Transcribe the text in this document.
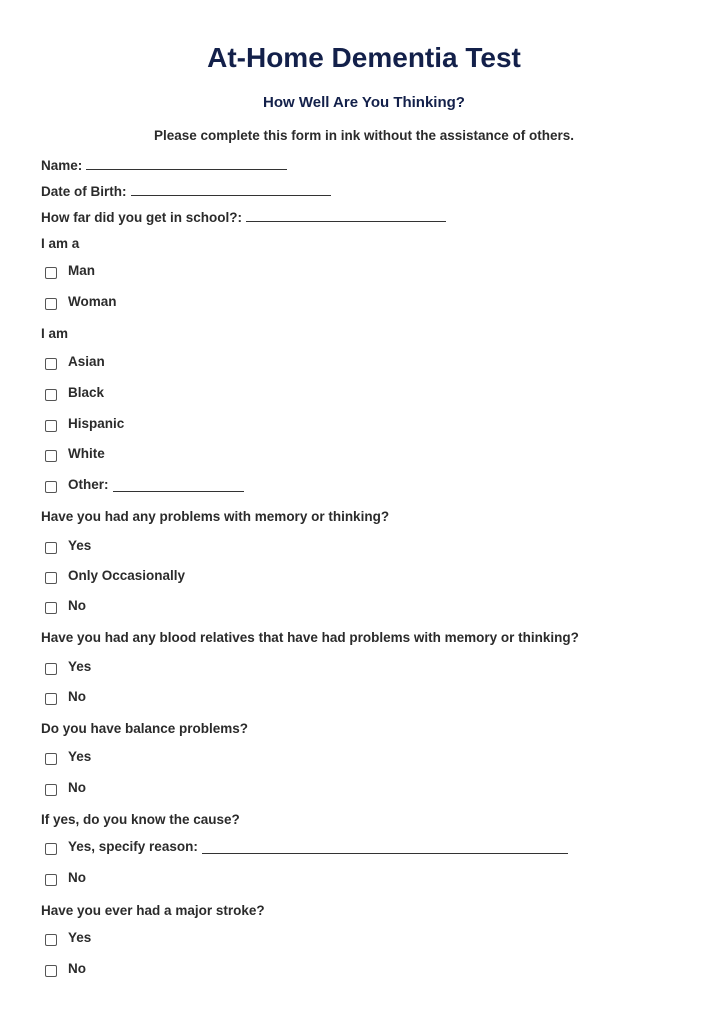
At-Home Dementia Test
How Well Are You Thinking?
Please complete this form in ink without the assistance of others.
Name:
Date of Birth:
How far did you get in school?:
I am a
Man
Woman
I am
Asian
Black
Hispanic
White
Other:
Have you had any problems with memory or thinking?
Yes
Only Occasionally
No
Have you had any blood relatives that have had problems with memory or thinking?
Yes
No
Do you have balance problems?
Yes
No
If yes, do you know the cause?
Yes, specify reason:
No
Have you ever had a major stroke?
Yes
No
